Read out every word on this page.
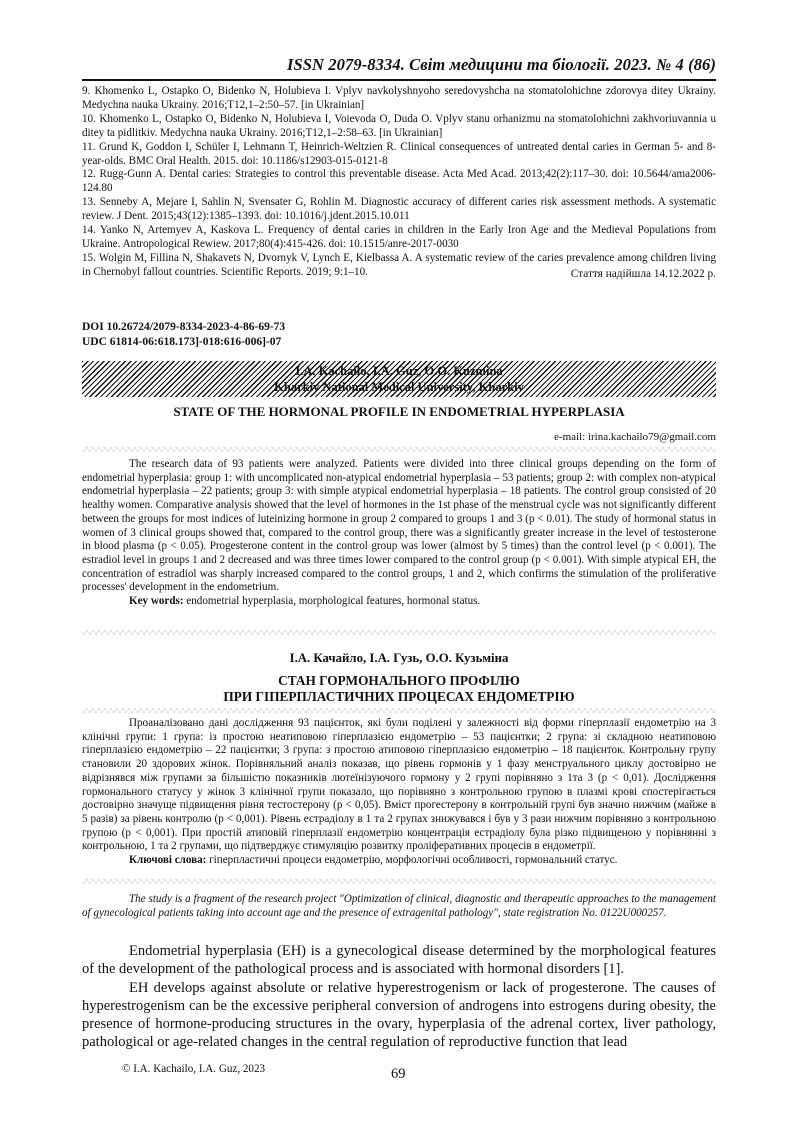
ISSN 2079-8334. Світ медицини та біології. 2023. № 4 (86)
9. Khomenko L, Ostapko O, Bidenko N, Holubieva I. Vplyv navkolyshnyoho seredovyshcha na stomatolohichne zdorovya ditey Ukrainy. Medychna nauka Ukrainy. 2016;T12,1–2:50–57. [in Ukrainian]
10. Khomenko L, Ostapko O, Bidenko N, Holubieva I, Voievoda O, Duda O. Vplyv stanu orhanizmu na stomatolohichni zakhvoriuvannia u ditey ta pidlitkiv. Medychna nauka Ukrainy. 2016;T12,1–2:58–63. [in Ukrainian]
11. Grund K, Goddon I, Schüler I, Lehmann T, Heinrich-Weltzien R. Clinical consequences of untreated dental caries in German 5- and 8-year-olds. BMC Oral Health. 2015. doi: 10.1186/s12903-015-0121-8
12. Rugg-Gunn A. Dental caries: Strategies to control this preventable disease. Acta Med Acad. 2013;42(2):117–30. doi: 10.5644/ama2006-124.80
13. Senneby A, Mejare I, Sahlin N, Svensater G, Rohlin M. Diagnostic accuracy of different caries risk assessment methods. A systematic review. J Dent. 2015;43(12):1385–1393. doi: 10.1016/j.jdent.2015.10.011
14. Yanko N, Artemyev A, Kaskova L. Frequency of dental caries in children in the Early Iron Age and the Medieval Populations from Ukraine. Antropological Rewiew. 2017;80(4):415-426. doi: 10.1515/anre-2017-0030
15. Wolgin M, Fillina N, Shakavets N, Dvornyk V, Lynch E, Kielbassa A. A systematic review of the caries prevalence among children living in Chernobyl fallout countries. Scientific Reports. 2019; 9:1–10.	Стаття надійшла 14.12.2022 р.
DOI 10.26724/2079-8334-2023-4-86-69-73
UDC 61814-06:618.173]-018:616-006]-07
I.A. Kachailo, I.A. Guz, O.O. Kuzmina
Kharkiv National Medical University, Kharkiv
STATE OF THE HORMONAL PROFILE IN ENDOMETRIAL HYPERPLASIA
e-mail: irina.kachailo79@gmail.com

The research data of 93 patients were analyzed. Patients were divided into three clinical groups depending on the form of endometrial hyperplasia: group 1: with uncomplicated non-atypical endometrial hyperplasia – 53 patients; group 2: with complex non-atypical endometrial hyperplasia – 22 patients; group 3: with simple atypical endometrial hyperplasia – 18 patients. The control group consisted of 20 healthy women. Comparative analysis showed that the level of hormones in the 1st phase of the menstrual cycle was not significantly different between the groups for most indices of luteinizing hormone in group 2 compared to groups 1 and 3 (p < 0.01). The study of hormonal status in women of 3 clinical groups showed that, compared to the control group, there was a significantly greater increase in the level of testosterone in blood plasma (p < 0.05). Progesterone content in the control group was lower (almost by 5 times) than the control level (p < 0.001). The estradiol level in groups 1 and 2 decreased and was three times lower compared to the control group (p < 0.001). With simple atypical EH, the concentration of estradiol was sharply increased compared to the control groups, 1 and 2, which confirms the stimulation of the proliferative processes' development in the endometrium.

Key words: endometrial hyperplasia, morphological features, hormonal status.

І.А. Качайло, І.А. Гузь, О.О. Кузьміна
СТАН ГОРМОНАЛЬНОГО ПРОФІЛЮ
ПРИ ГІПЕРПЛАСТИЧНИХ ПРОЦЕСАХ ЕНДОМЕТРІЮ

Проаналізовано дані дослідження 93 пацієнток, які були поділені у залежності від форми гіперплазії ендометрію на 3 клінічні групи: 1 група: із простою неатиповою гіперплазією ендометрію – 53 пацієнтки; 2 група: зі складною неатиповою гіперплазією ендометрію – 22 пацієнтки; 3 група: з простою атиповою гіперплазією ендометрію – 18 пацієнток. Контрольну групу становили 20 здорових жінок. Порівняльний аналіз показав, що рівень гормонів у 1 фазу менструального циклу достовірно не відрізнявся між групами за більшістю показників лютеїнізуючого гормону у 2 групі порівняно з 1та 3 (р < 0,01). Дослідження гормонального статусу у жінок 3 клінічної групи показало, що порівняно з контрольною групою в плазмі крові спостерігається достовірно значуще підвищення рівня тестостерону (р < 0,05). Вміст прогестерону в контрольній групі був значно нижчим (майже в 5 разів) за рівень контролю (р < 0,001). Рівень естрадіолу в 1 та 2 групах знижувався і був у 3 рази нижчим порівняно з контрольною групою (р < 0,001). При простій атиповій гіперплазії ендометрію концентрація естрадіолу була різко підвищеною у порівнянні з контрольною, 1 та 2 групами, що підтверджує стимуляцію розвитку проліферативних процесів в ендометрії.

Ключові слова: гіперпластичні процеси ендометрію, морфологічні особливості, гормональний статус.

The study is a fragment of the research project "Optimization of clinical, diagnostic and therapeutic approaches to the management of gynecological patients taking into account age and the presence of extragenital pathology", state registration No. 0122U000257.

Endometrial hyperplasia (EH) is a gynecological disease determined by the morphological features of the development of the pathological process and is associated with hormonal disorders [1].

EH develops against absolute or relative hyperestrogenism or lack of progesterone. The causes of hyperestrogenism can be the excessive peripheral conversion of androgens into estrogens during obesity, the presence of hormone-producing structures in the ovary, hyperplasia of the adrenal cortex, liver pathology, pathological or age-related changes in the central regulation of reproductive function that lead

© I.A. Kachailo, I.A. Guz, 2023	69
